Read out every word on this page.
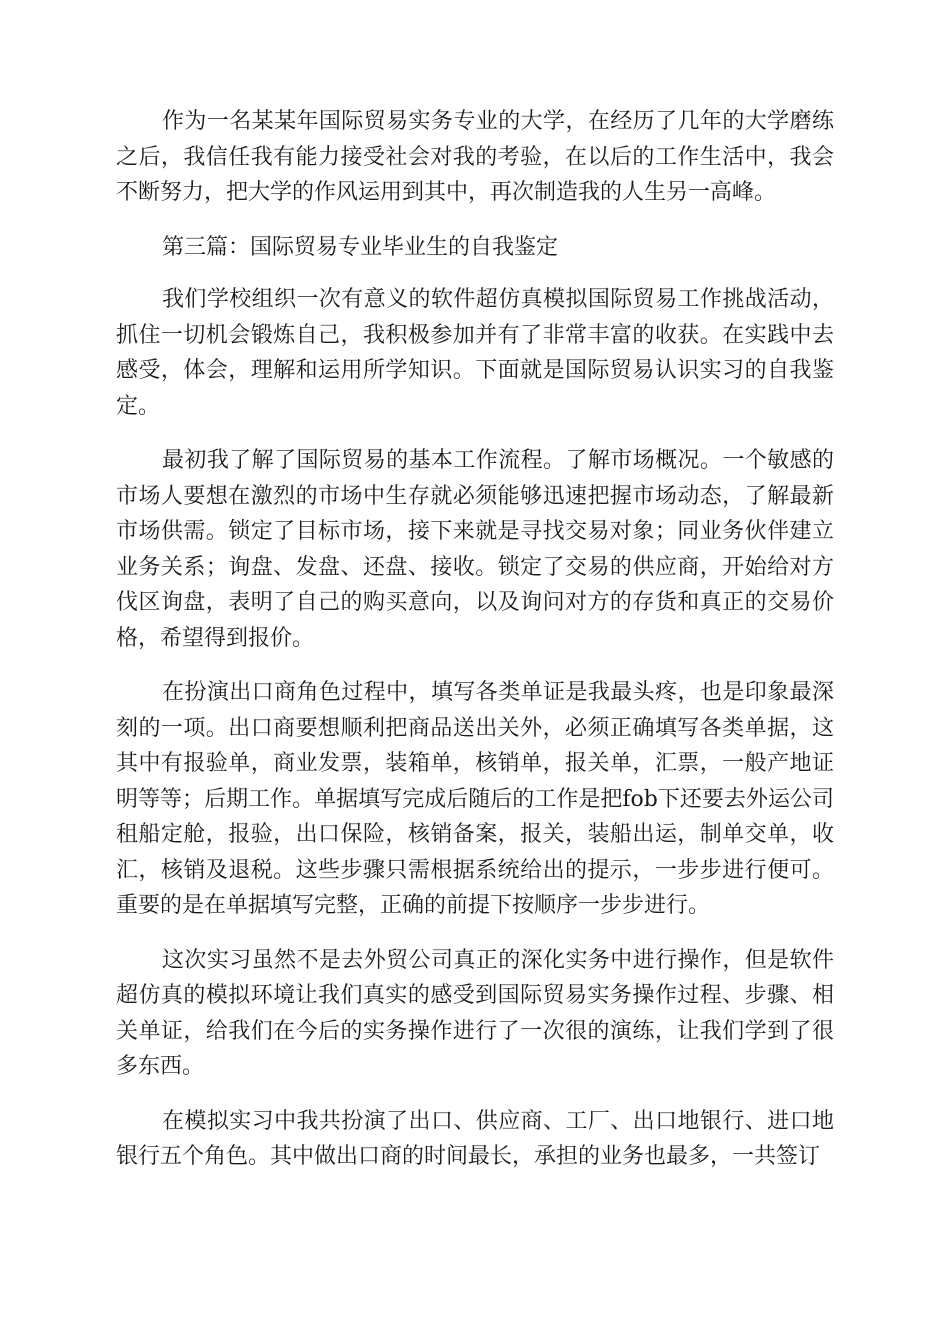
作为一名某某年国际贸易实务专业的大学，在经历了几年的大学磨练之后，我信任我有能力接受社会对我的考验，在以后的工作生活中，我会不断努力，把大学的作风运用到其中，再次制造我的人生另一高峰。

第三篇：国际贸易专业毕业生的自我鉴定

我们学校组织一次有意义的软件超仿真模拟国际贸易工作挑战活动，抓住一切机会锻炼自己，我积极参加并有了非常丰富的收获。在实践中去感受，体会，理解和运用所学知识。下面就是国际贸易认识实习的自我鉴定。

最初我了解了国际贸易的基本工作流程。了解市场概况。一个敏感的市场人要想在激烈的市场中生存就必须能够迅速把握市场动态，了解最新市场供需。锁定了目标市场，接下来就是寻找交易对象；同业务伙伴建立业务关系；询盘、发盘、还盘、接收。锁定了交易的供应商，开始给对方伐区询盘，表明了自己的购买意向，以及询问对方的存货和真正的交易价格，希望得到报价。

在扮演出口商角色过程中，填写各类单证是我最头疼，也是印象最深刻的一项。出口商要想顺利把商品送出关外，必须正确填写各类单据，这其中有报验单，商业发票，装箱单，核销单，报关单，汇票，一般产地证明等等；后期工作。单据填写完成后随后的工作是把fob下还要去外运公司租船定舱，报验，出口保险，核销备案，报关，装船出运，制单交单，收汇，核销及退税。这些步骤只需根据系统给出的提示，一步步进行便可。重要的是在单据填写完整，正确的前提下按顺序一步步进行。

这次实习虽然不是去外贸公司真正的深化实务中进行操作，但是软件超仿真的模拟环境让我们真实的感受到国际贸易实务操作过程、步骤、相关单证，给我们在今后的实务操作进行了一次很的演练，让我们学到了很多东西。

在模拟实习中我共扮演了出口、供应商、工厂、出口地银行、进口地银行五个角色。其中做出口商的时间最长，承担的业务也最多，一共签订
